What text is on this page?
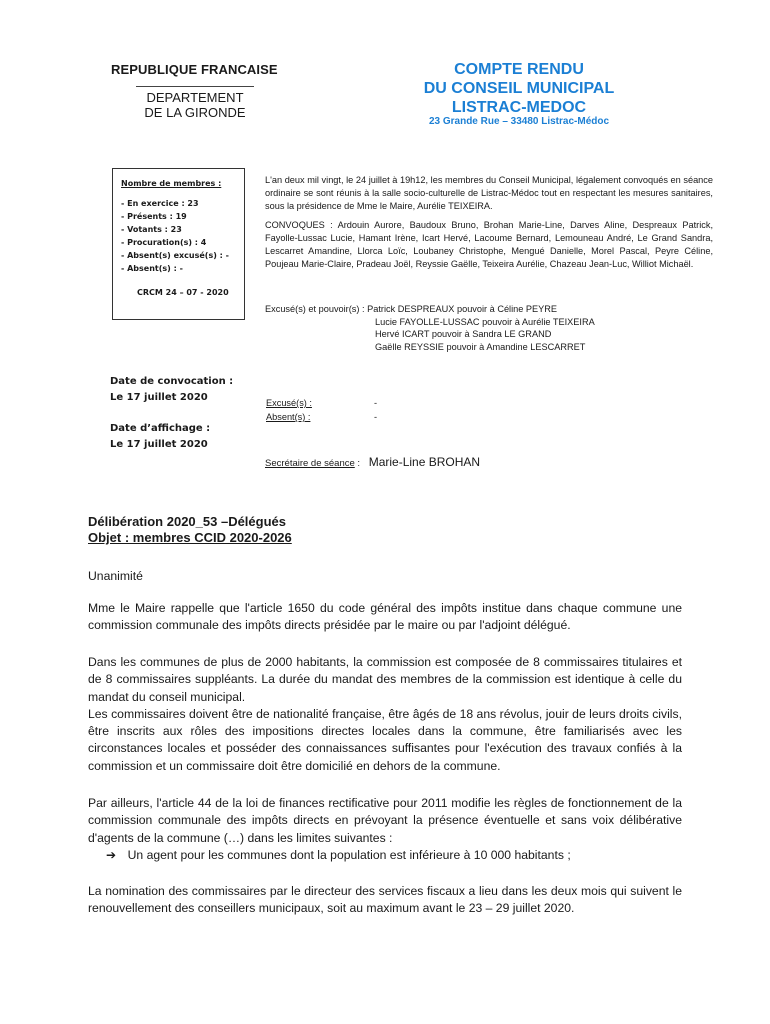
REPUBLIQUE FRANCAISE
DEPARTEMENT
DE LA GIRONDE
COMPTE RENDU
DU CONSEIL MUNICIPAL
LISTRAC-MEDOC
23 Grande Rue – 33480 Listrac-Médoc
Nombre de membres :
- En exercice : 23
- Présents : 19
- Votants : 23
- Procuration(s) : 4
- Absent(s) excusé(s) : -
- Absent(s) : -
CRCM 24 – 07 - 2020

L'an deux mil vingt, le 24 juillet à 19h12, les membres du Conseil Municipal, légalement convoqués en séance ordinaire se sont réunis à la salle socio-culturelle de Listrac-Médoc tout en respectant les mesures sanitaires, sous la présidence de Mme le Maire, Aurélie TEIXEIRA.

CONVOQUES : Ardouin Aurore, Baudoux Bruno, Brohan Marie-Line, Darves Aline, Despreaux Patrick, Fayolle-Lussac Lucie, Hamant Irène, Icart Hervé, Lacoume Bernard, Lemouneau André, Le Grand Sandra, Lescarret Amandine, Llorca Loïc, Loubaney Christophe, Mengué Danielle, Morel Pascal, Peyre Céline, Poujeau Marie-Claire, Pradeau Joël, Reyssie Gaëlle, Teixeira Aurélie, Chazeau Jean-Luc, Williot Michaël.

Excusé(s) et pouvoir(s) : Patrick DESPREAUX pouvoir à Céline PEYRE
Lucie FAYOLLE-LUSSAC pouvoir à Aurélie TEIXEIRA
Hervé ICART pouvoir à Sandra LE GRAND
Gaëlle REYSSIE pouvoir à Amandine LESCARRET
Date de convocation :
Le 17 juillet 2020
Date d’affichage :
Le 17 juillet 2020
Excusé(s) :	-
Absent(s) :	-
Secrétaire de séance : Marie-Line BROHAN
Délibération 2020_53 –Délégués
Objet : membres CCID 2020-2026
Unanimité

Mme le Maire rappelle que l'article 1650 du code général des impôts institue dans chaque commune une commission communale des impôts directs présidée par le maire ou par l'adjoint délégué.

Dans les communes de plus de 2000 habitants, la commission est composée de 8 commissaires titulaires et de 8 commissaires suppléants. La durée du mandat des membres de la commission est identique à celle du mandat du conseil municipal.

Les commissaires doivent être de nationalité française, être âgés de 18 ans révolus, jouir de leurs droits civils, être inscrits aux rôles des impositions directes locales dans la commune, être familiarisés avec les circonstances locales et posséder des connaissances suffisantes pour l'exécution des travaux confiés à la commission et un commissaire doit être domicilié en dehors de la commune.

Par ailleurs, l'article 44 de la loi de finances rectificative pour 2011 modifie les règles de fonctionnement de la commission communale des impôts directs en prévoyant la présence éventuelle et sans voix délibérative d'agents de la commune (…) dans les limites suivantes :

➔ Un agent pour les communes dont la population est inférieure à 10 000 habitants ;

La nomination des commissaires par le directeur des services fiscaux a lieu dans les deux mois qui suivent le renouvellement des conseillers municipaux, soit au maximum avant le 23 – 29 juillet 2020.
